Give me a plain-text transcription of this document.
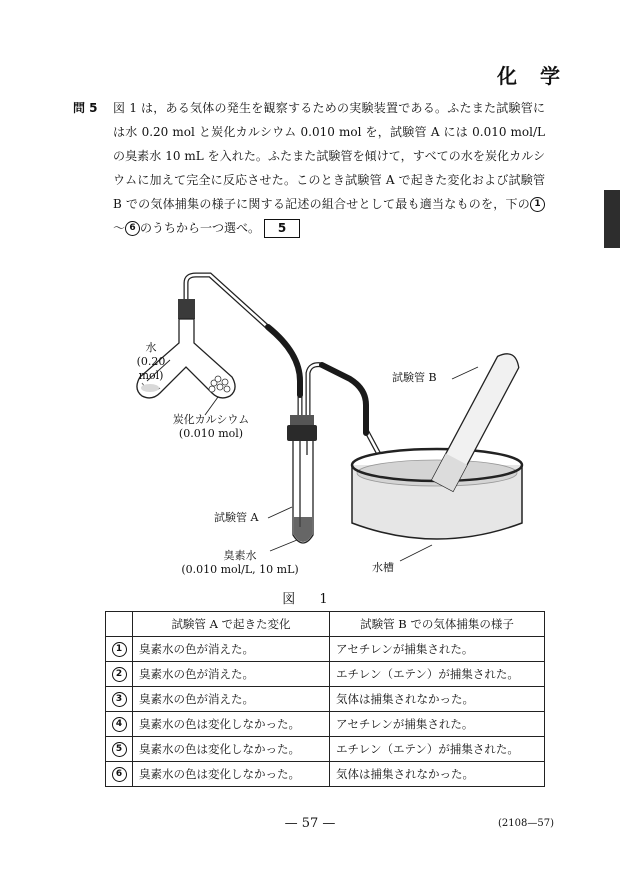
化 学
問 5	図 1 は，ある気体の発生を観察するための実験装置である。ふたまた試験管には水 0.20 mol と炭化カルシウム 0.010 mol を，試験管 A には 0.010 mol/L の臭素水 10 mL を入れた。ふたまた試験管を傾けて，すべての水を炭化カルシウムに加えて完全に反応させた。このとき試験管 A で起きた変化および試験管 B での気体捕集の様子に関する記述の組合せとして最も適当なものを，下の 1〜 6 のうちから一つ選べ。 5
水
(0.20 mol)
炭化カルシウム
(0.010 mol)
試験管 B
試験管 A
臭素水
(0.010 mol/L, 10 mL)	水槽
図 1
	試験管 A で起きた変化	試験管 B での気体捕集の様子
1	臭素水の色が消えた。	アセチレンが捕集された。
2	臭素水の色が消えた。	エチレン（エテン）が捕集された。
3	臭素水の色が消えた。	気体は捕集されなかった。
4	臭素水の色は変化しなかった。	アセチレンが捕集された。
5	臭素水の色は変化しなかった。	エチレン（エテン）が捕集された。
6	臭素水の色は変化しなかった。	気体は捕集されなかった。
— 57 —	(2108—57)
